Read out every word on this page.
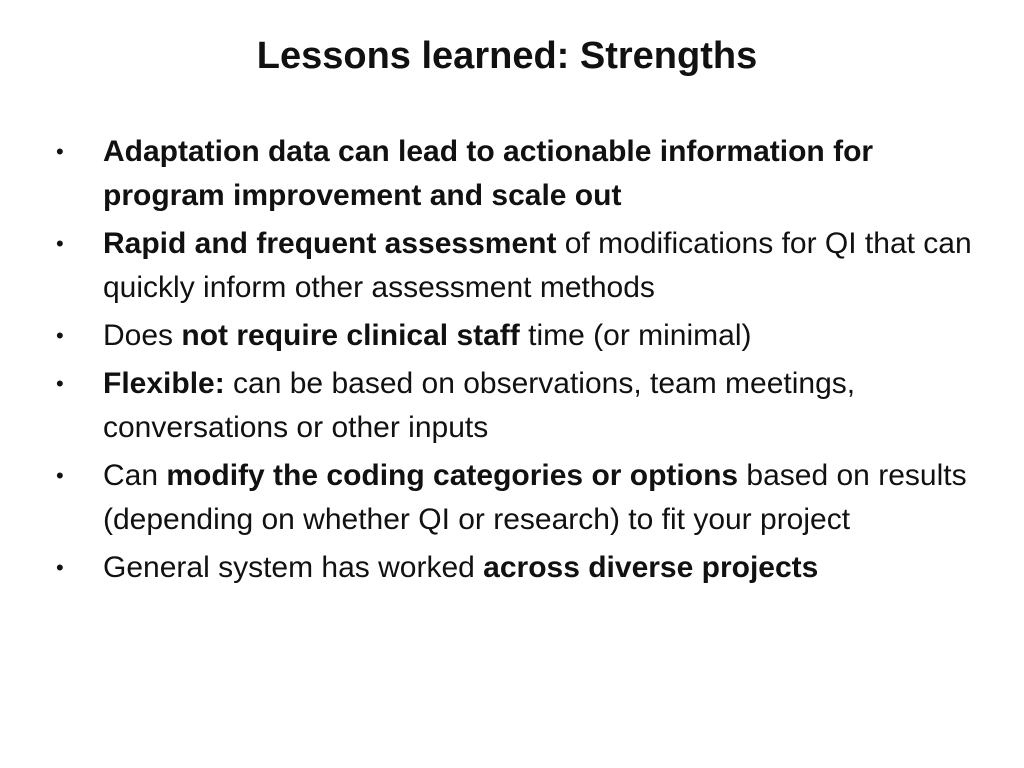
Lessons learned: Strengths
• Adaptation data can lead to actionable information for program improvement and scale out
• Rapid and frequent assessment of modifications for QI that can quickly inform other assessment methods
• Does not require clinical staff time (or minimal)
• Flexible: can be based on observations, team meetings, conversations or other inputs
• Can modify the coding categories or options based on results (depending on whether QI or research) to fit your project
• General system has worked across diverse projects
